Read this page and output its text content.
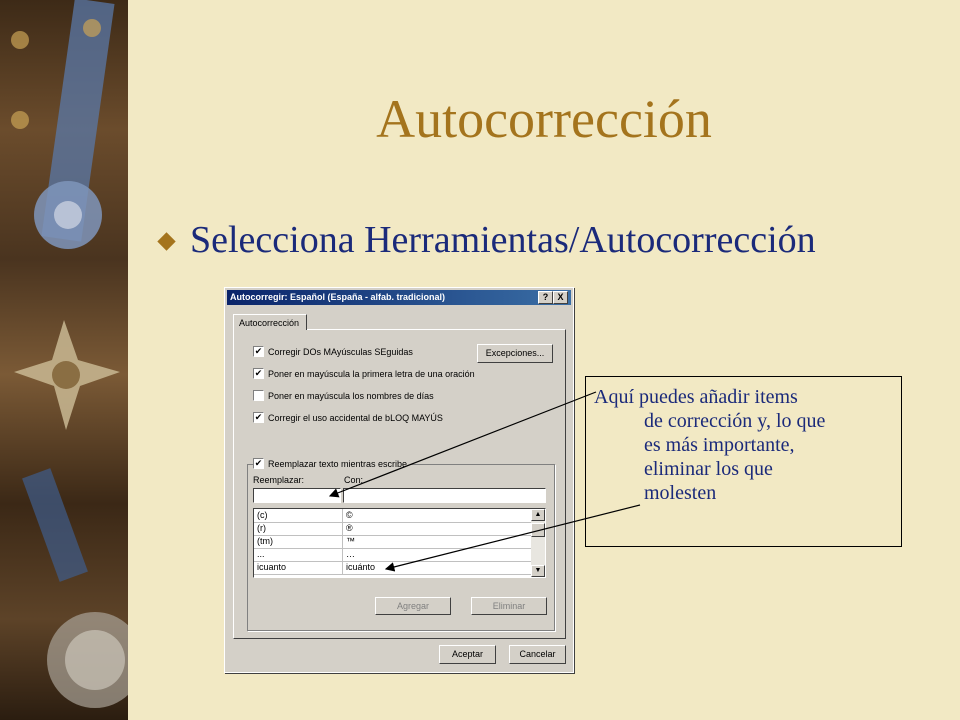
Autocorrección
Selecciona Herramientas/Autocorrección
Autocorregir: Español (España - alfab. tradicional)	?	X
Autocorrección
✔ Corregir DOs MAyúsculas SEguidas
✔ Poner en mayúscula la primera letra de una oración
Poner en mayúscula los nombres de días
✔ Corregir el uso accidental de bLOQ MAYÚS
Excepciones...
✔ Reemplazar texto mientras escribe
Reemplazar:	Con:
(c)	©
(r)	®
(tm)	™
...	…
icuanto	icuánto
▲
▼
Agregar	Eliminar
Aceptar	Cancelar
Aquí puedes añadir items
de corrección y, lo que
es más importante,
eliminar los que
molesten
